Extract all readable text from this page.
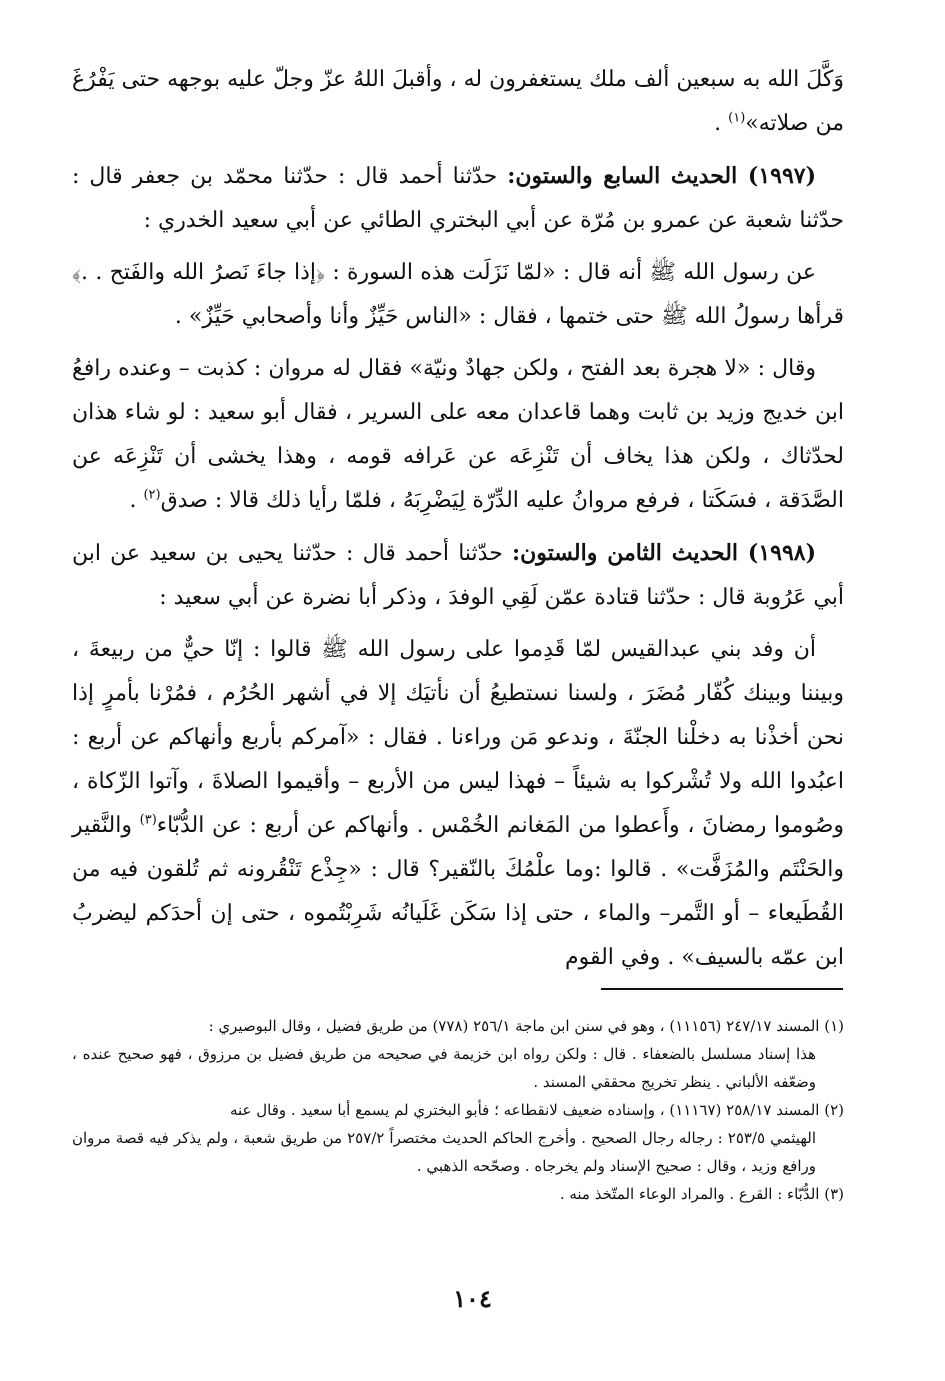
وَكَّلَ الله به سبعين ألف ملك يستغفرون له ، وأقبلَ اللهُ عزّ وجلّ عليه بوجهه حتى يَفْرُغَ من صلاته»$^{(١)}$ .

(١٩٩٧) الحديث السابع والستون: حدّثنا أحمد قال : حدّثنا محمّد بن جعفر قال : حدّثنا شعبة عن عمرو بن مُرّة عن أبي البختري الطائي عن أبي سعيد الخدري :

عن رسول الله ﷺ أنه قال : «لمّا نَزَلَت هذه السورة : ﴿إذا جاءَ نَصرُ الله والفَتح . .﴾ قرأها رسولُ الله ﷺ حتى ختمها ، فقال : «الناس حَيِّزٌ وأنا وأصحابي حَيِّزٌ» .

وقال : «لا هجرة بعد الفتح ، ولكن جهادٌ ونيّة» فقال له مروان : كذبت – وعنده رافعُ ابن خديج وزيد بن ثابت وهما قاعدان معه على السرير ، فقال أبو سعيد : لو شاء هذان لحدّثاك ، ولكن هذا يخاف أن تَنْزِعَه عن عَرافه قومه ، وهذا يخشى أن تَنْزِعَه عن الصَّدَقة ، فسَكَتا ، فرفع مروانُ عليه الدِّرّة لِيَضْرِبَهُ ، فلمّا رأيا ذلك قالا : صدق$^{(٢)}$ .

(١٩٩٨) الحديث الثامن والستون: حدّثنا أحمد قال : حدّثنا يحيى بن سعيد عن ابن أبي عَرُوبة قال : حدّثنا قتادة عمّن لَقِي الوفدَ ، وذكر أبا نضرة عن أبي سعيد :

أن وفد بني عبدالقيس لمّا قَدِموا على رسول الله ﷺ قالوا : إنّا حيٌّ من ربيعةَ ، وبيننا وبينك كُفّار مُضَرَ ، ولسنا نستطيعُ أن نأتيَك إلا في أشهر الحُرُم ، فمُرْنا بأمرٍ إذا نحن أخذْنا به دخلْنا الجنّةَ ، وندعو مَن وراءنا . فقال : «آمركم بأربع وأنهاكم عن أربع : اعبُدوا الله ولا تُشْركوا به شيئاً – فهذا ليس من الأربع – وأقيموا الصلاةَ ، وآتوا الزّكاة ، وصُوموا رمضانَ ، وأَعطوا من المَغانم الخُمْس . وأنهاكم عن أربع : عن الدُّبّاء$^{(٣)}$ والنَّقير والحَنْتَم والمُزَفَّت» . قالوا :وما علْمُكَ بالنّقير؟ قال : «جِذْع تَنْقُرونه ثم تُلقون فيه من القُطَيعاء – أو التَّمر– والماء ، حتى إذا سَكَن غَلَيانُه شَرِبْتُموه ، حتى إن أحدَكم ليضربُ ابن عمّه بالسيف» . وفي القوم

(١) المسند ٢٤٧/١٧ (١١١٥٦) ، وهو في سنن ابن ماجة ٢٥٦/١ (٧٧٨) من طريق فضيل ، وقال البوصيري :

هذا إسناد مسلسل بالضعفاء . قال : ولكن رواه ابن خزيمة في صحيحه من طريق فضيل بن مرزوق ، فهو صحيح عنده ، وضعّفه الألباني . ينظر تخريج محققي المسند .

(٢) المسند ٢٥٨/١٧ (١١١٦٧) ، وإسناده ضعيف لانقطاعه ؛ فأبو البختري لم يسمع أبا سعيد . وقال عنه

الهيثمي ٢٥٣/٥ : رجاله رجال الصحيح . وأخرج الحاكم الحديث مختصراً ٢٥٧/٢ من طريق شعبة ، ولم يذكر فيه قصة مروان ورافع وزيد ، وقال : صحيح الإسناد ولم يخرجاه . وصحّحه الذهبي .

(٣) الدُّبّاء : القرع . والمراد الوعاء المتّخذ منه .

١٠٤
